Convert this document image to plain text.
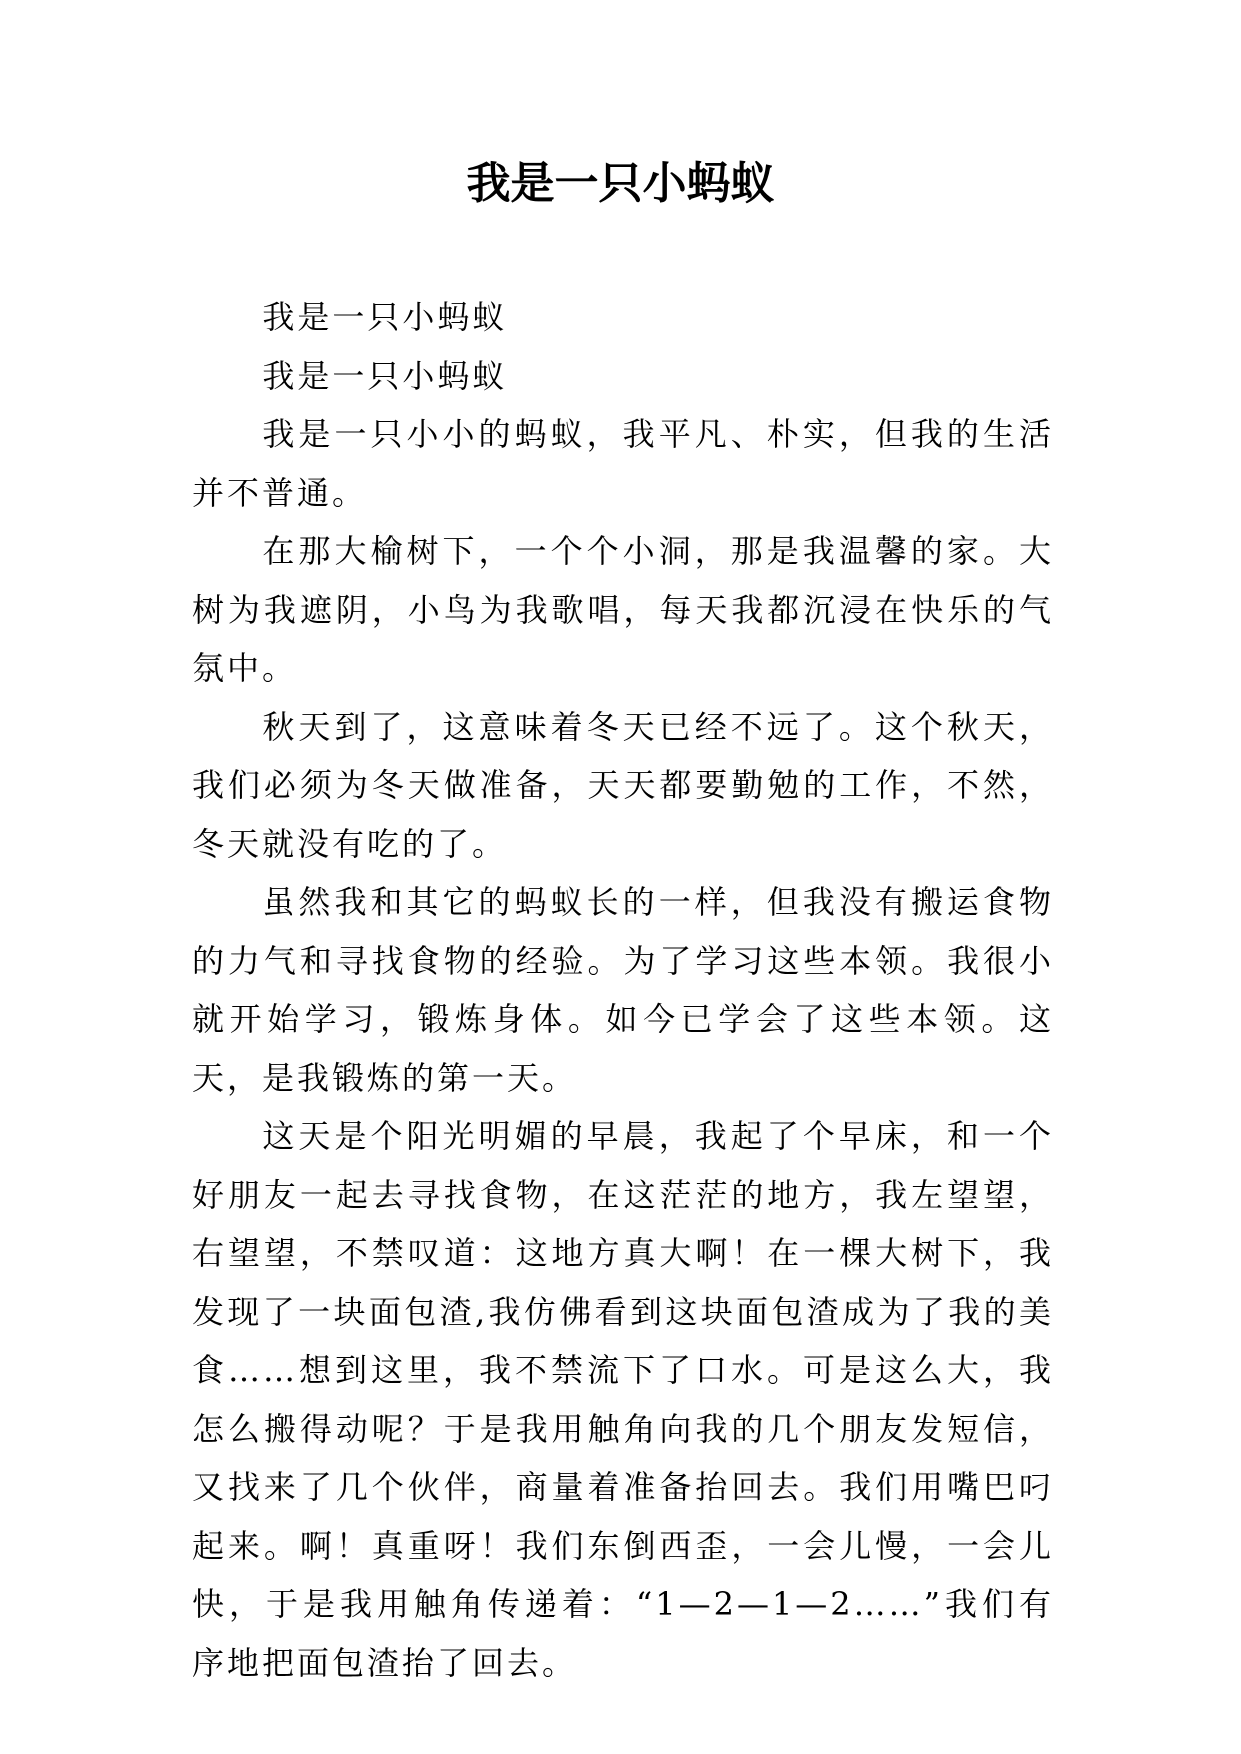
我是一只小蚂蚁

我是一只小蚂蚁

我是一只小蚂蚁

我是一只小小的蚂蚁，我平凡、朴实，但我的生活并不普通。

在那大榆树下，一个个小洞，那是我温馨的家。大树为我遮阴，小鸟为我歌唱，每天我都沉浸在快乐的气氛中。

秋天到了，这意味着冬天已经不远了。这个秋天，我们必须为冬天做准备，天天都要勤勉的工作，不然，冬天就没有吃的了。

虽然我和其它的蚂蚁长的一样，但我没有搬运食物的力气和寻找食物的经验。为了学习这些本领。我很小就开始学习，锻炼身体。如今已学会了这些本领。这天，是我锻炼的第一天。

这天是个阳光明媚的早晨，我起了个早床，和一个好朋友一起去寻找食物，在这茫茫的地方，我左望望，右望望，不禁叹道：这地方真大啊！在一棵大树下，我发现了一块面包渣,我仿佛看到这块面包渣成为了我的美食……想到这里，我不禁流下了口水。可是这么大，我怎么搬得动呢？于是我用触角向我的几个朋友发短信，又找来了几个伙伴，商量着准备抬回去。我们用嘴巴叼起来。啊！真重呀！我们东倒西歪，一会儿慢，一会儿快，于是我用触角传递着：“1—2—1—2……”我们有序地把面包渣抬了回去。
